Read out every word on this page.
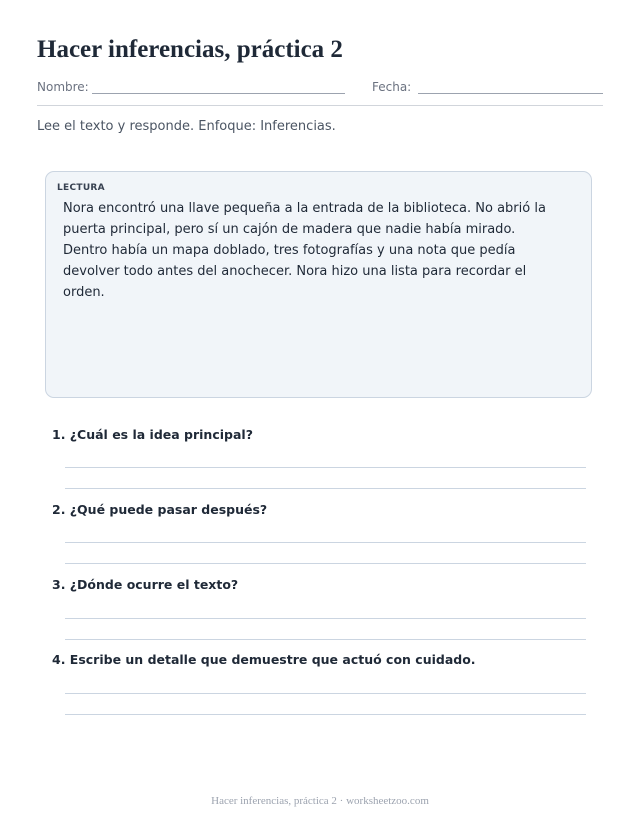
Hacer inferencias, práctica 2
Nombre:	Fecha:
Lee el texto y responde. Enfoque: Inferencias.
LECTURA

Nora encontró una llave pequeña a la entrada de la biblioteca. No abrió la puerta principal, pero sí un cajón de madera que nadie había mirado. Dentro había un mapa doblado, tres fotografías y una nota que pedía devolver todo antes del anochecer. Nora hizo una lista para recordar el orden.

1. ¿Cuál es la idea principal?
2. ¿Qué puede pasar después?
3. ¿Dónde ocurre el texto?
4. Escribe un detalle que demuestre que actuó con cuidado.
Hacer inferencias, práctica 2 · worksheetzoo.com
